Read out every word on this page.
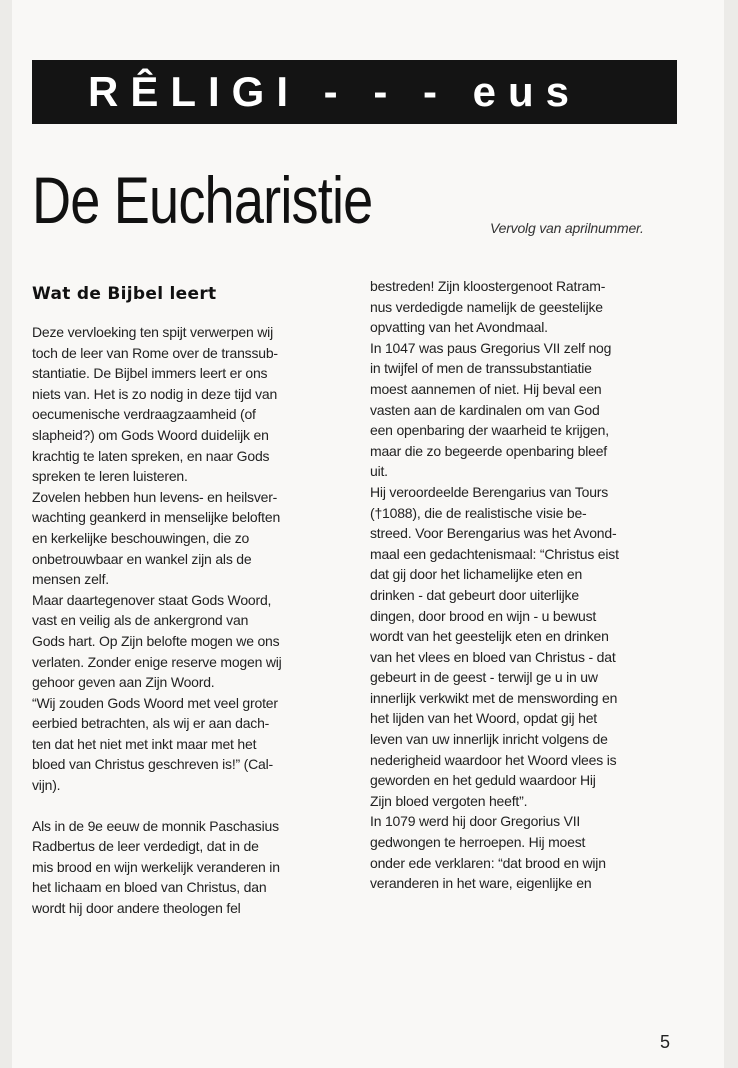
RÊLIGI - - - eus
De Eucharistie	Vervolg van aprilnummer.
Wat de Bijbel leert
Deze vervloeking ten spijt verwerpen wij
toch de leer van Rome over de transsub-
stantiatie. De Bijbel immers leert er ons
niets van. Het is zo nodig in deze tijd van
oecumenische verdraagzaamheid (of
slapheid?) om Gods Woord duidelijk en
krachtig te laten spreken, en naar Gods
spreken te leren luisteren.
Zovelen hebben hun levens- en heilsver-
wachting geankerd in menselijke beloften
en kerkelijke beschouwingen, die zo
onbetrouwbaar en wankel zijn als de
mensen zelf.
Maar daartegenover staat Gods Woord,
vast en veilig als de ankergrond van
Gods hart. Op Zijn belofte mogen we ons
verlaten. Zonder enige reserve mogen wij
gehoor geven aan Zijn Woord.
“Wij zouden Gods Woord met veel groter
eerbied betrachten, als wij er aan dach-
ten dat het niet met inkt maar met het
bloed van Christus geschreven is!” (Cal-
vijn).
Als in de 9e eeuw de monnik Paschasius
Radbertus de leer verdedigt, dat in de
mis brood en wijn werkelijk veranderen in
het lichaam en bloed van Christus, dan
wordt hij door andere theologen fel
bestreden! Zijn kloostergenoot Ratram-
nus verdedigde namelijk de geestelijke
opvatting van het Avondmaal.
In 1047 was paus Gregorius VII zelf nog
in twijfel of men de transsubstantiatie
moest aannemen of niet. Hij beval een
vasten aan de kardinalen om van God
een openbaring der waarheid te krijgen,
maar die zo begeerde openbaring bleef
uit.
Hij veroordeelde Berengarius van Tours
(†1088), die de realistische visie be-
streed. Voor Berengarius was het Avond-
maal een gedachtenismaal: “Christus eist
dat gij door het lichamelijke eten en
drinken - dat gebeurt door uiterlijke
dingen, door brood en wijn - u bewust
wordt van het geestelijk eten en drinken
van het vlees en bloed van Christus - dat
gebeurt in de geest - terwijl ge u in uw
innerlijk verkwikt met de menswording en
het lijden van het Woord, opdat gij het
leven van uw innerlijk inricht volgens de
nederigheid waardoor het Woord vlees is
geworden en het geduld waardoor Hij
Zijn bloed vergoten heeft”.
In 1079 werd hij door Gregorius VII
gedwongen te herroepen. Hij moest
onder ede verklaren: “dat brood en wijn
veranderen in het ware, eigenlijke en
5
